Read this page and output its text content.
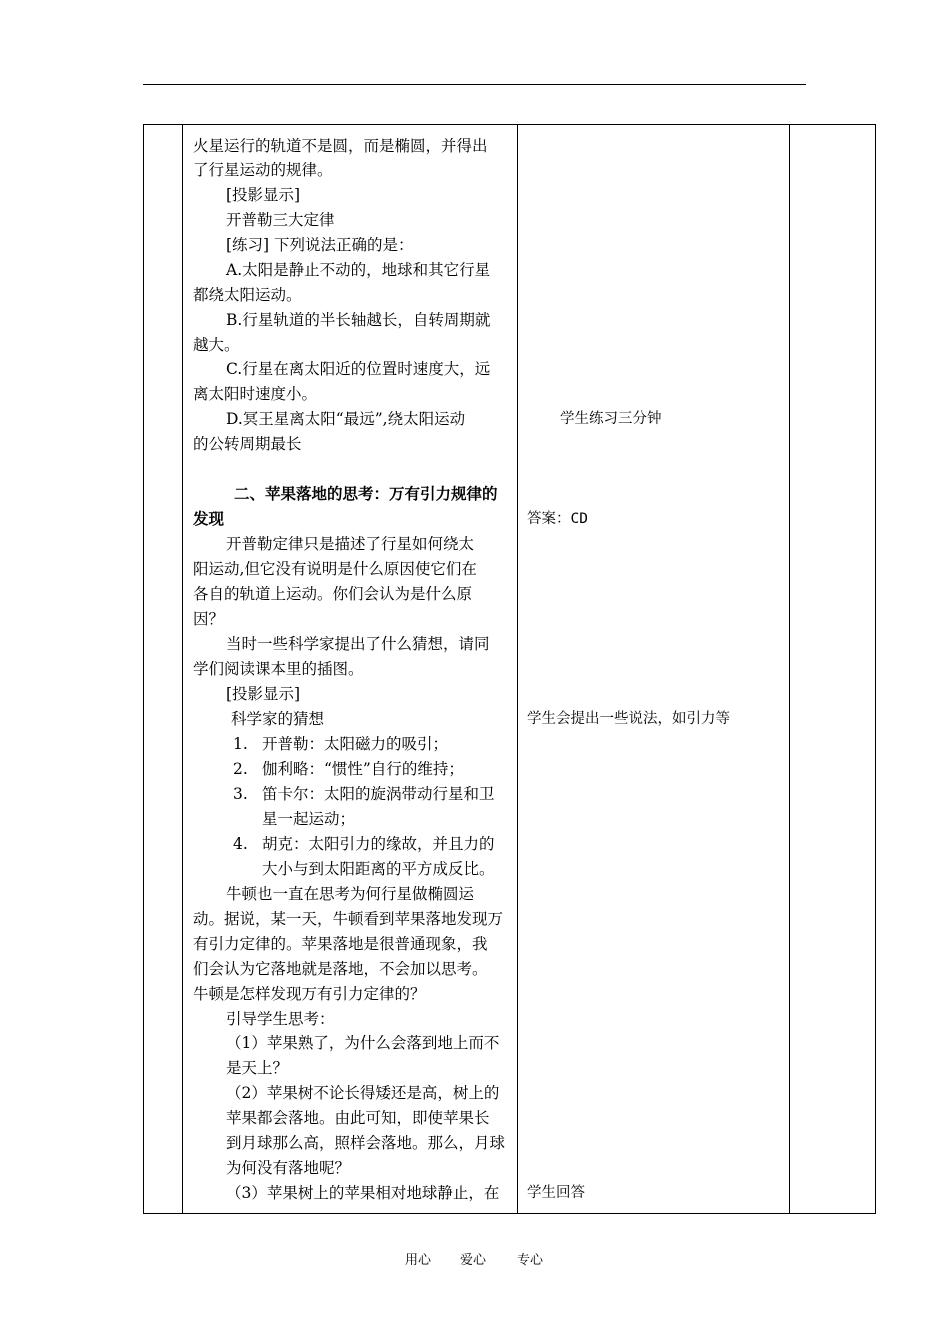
火星运行的轨道不是圆，而是椭圆，并得出
了行星运动的规律。
[投影显示]
开普勒三大定律
[练习] 下列说法正确的是：
A.太阳是静止不动的，地球和其它行星
都绕太阳运动。
B.行星轨道的半长轴越长，自转周期就
越大。
C.行星在离太阳近的位置时速度大，远
离太阳时速度小。
D.冥王星离太阳“最远”,绕太阳运动
的公转周期最长
二、苹果落地的思考：万有引力规律的
发现
开普勒定律只是描述了行星如何绕太
阳运动,但它没有说明是什么原因使它们在
各自的轨道上运动。你们会认为是什么原
因？
当时一些科学家提出了什么猜想，请同
学们阅读课本里的插图。
[投影显示]
科学家的猜想
1. 开普勒：太阳磁力的吸引；
2. 伽利略：“惯性”自行的维持；
3. 笛卡尔：太阳的旋涡带动行星和卫
星一起运动；
4. 胡克：太阳引力的缘故，并且力的
大小与到太阳距离的平方成反比。
牛顿也一直在思考为何行星做椭圆运
动。据说，某一天，牛顿看到苹果落地发现万
有引力定律的。苹果落地是很普通现象，我
们会认为它落地就是落地，不会加以思考。
牛顿是怎样发现万有引力定律的？
引导学生思考：
（1）苹果熟了，为什么会落到地上而不
是天上？
（2）苹果树不论长得矮还是高，树上的
苹果都会落地。由此可知，即使苹果长
到月球那么高，照样会落地。那么，月球
为何没有落地呢？
（3）苹果树上的苹果相对地球静止，在
学生练习三分钟
答案：CD
学生会提出一些说法，如引力等
学生回答
用心 爱心 专心
